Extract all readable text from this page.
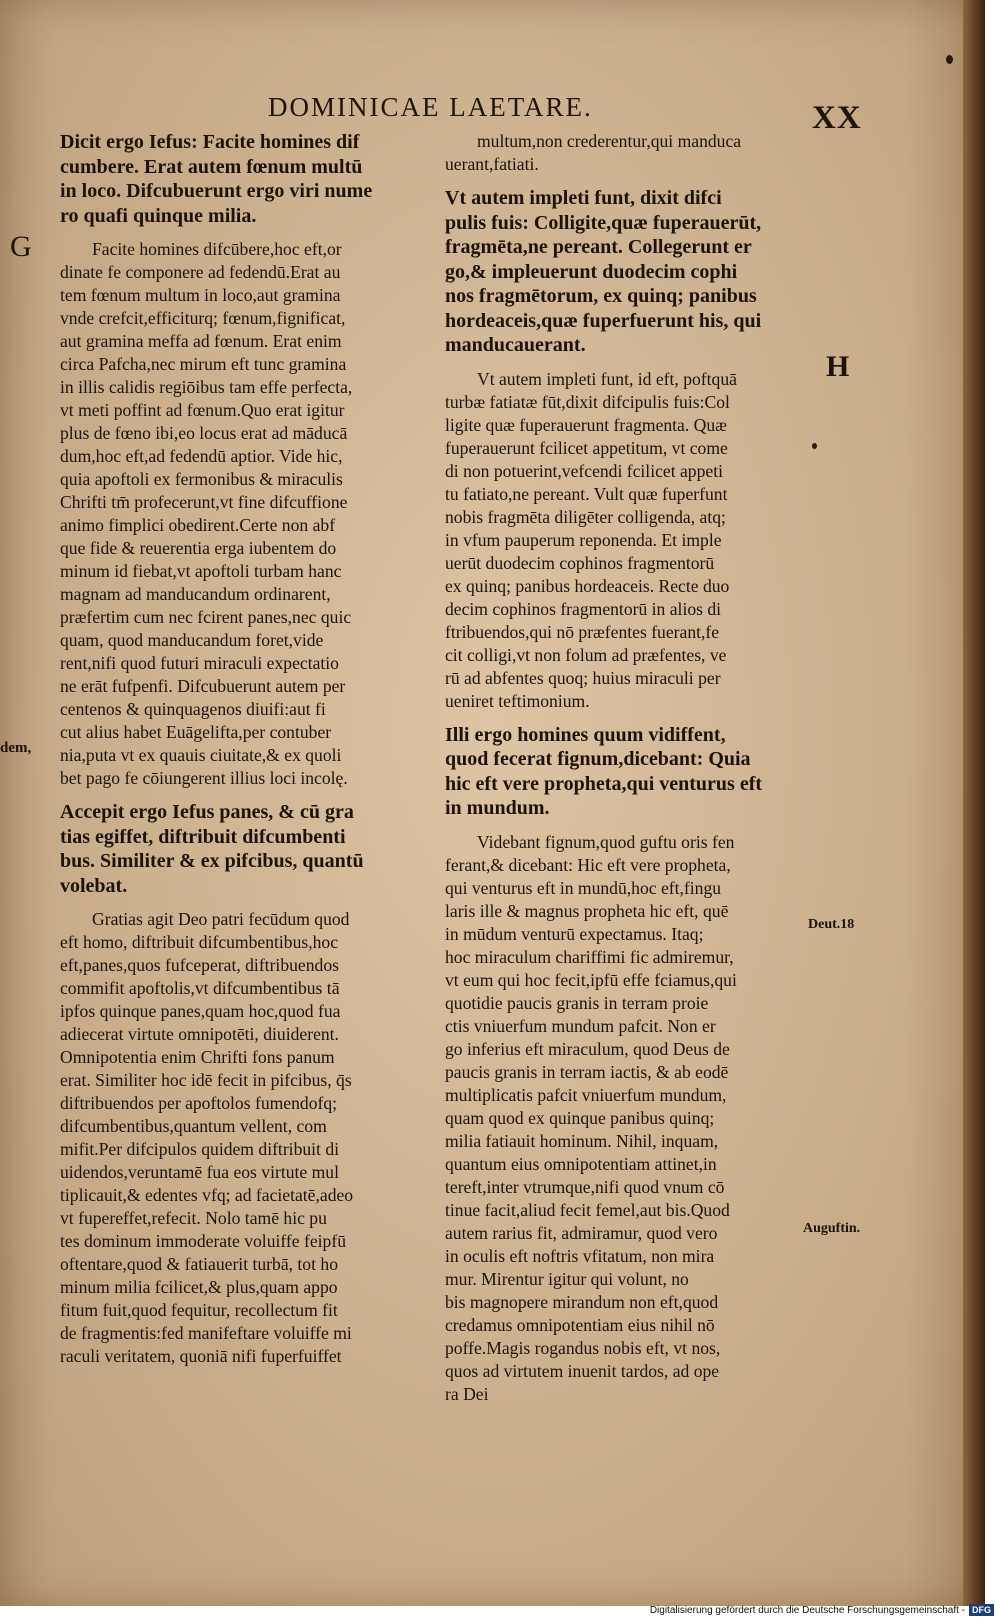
DOMINICAE LAETARE.	XX
Dicit ergo Iefus: Facite homines dif
cumbere. Erat autem fœnum multū
in loco. Difcubuerunt ergo viri nume
ro quafi quinque milia.
Facite homines difcūbere,hoc eft,or
dinate fe componere ad fedendū.Erat au
tem fœnum multum in loco,aut gramina
vnde crefcit,efficiturq; fœnum,fignificat,
aut gramina meffa ad fœnum. Erat enim
circa Pafcha,nec mirum eft tunc gramina
in illis calidis regiōibus tam effe perfecta,
vt meti poffint ad fœnum.Quo erat igitur
plus de fœno ibi,eo locus erat ad māducā
dum,hoc eft,ad fedendū aptior. Vide hic,
quia apoftoli ex fermonibus & miraculis
Chrifti tm̄ profecerunt,vt fine difcuffione
animo fimplici obedirent.Certe non abf
que fide & reuerentia erga iubentem do
minum id fiebat,vt apoftoli turbam hanc
magnam ad manducandum ordinarent,
præfertim cum nec fcirent panes,nec quic
quam, quod manducandum foret,vide
rent,nifi quod futuri miraculi expectatio
ne erāt fufpenfi. Difcubuerunt autem per
centenos & quinquagenos diuifi:aut fi
cut alius habet Euāgelifta,per contuber
nia,puta vt ex quauis ciuitate,& ex quoli
bet pago fe cōiungerent illius loci incolę.
Accepit ergo Iefus panes, & cū gra
tias egiffet, diftribuit difcumbenti
bus. Similiter & ex pifcibus, quantū
volebat.
Gratias agit Deo patri fecūdum quod
eft homo, diftribuit difcumbentibus,hoc
eft,panes,quos fufceperat, diftribuendos
commifit apoftolis,vt difcumbentibus tā
ipfos quinque panes,quam hoc,quod fua
adiecerat virtute omnipotēti, diuiderent.
Omnipotentia enim Chrifti fons panum
erat. Similiter hoc idē fecit in pifcibus, q̄s
diftribuendos per apoftolos fumendofq;
difcumbentibus,quantum vellent, com
mifit.Per difcipulos quidem diftribuit di
uidendos,veruntamē fua eos virtute mul
tiplicauit,& edentes vfq; ad facietatē,adeo
vt fupereffet,refecit. Nolo tamē hic pu
tes dominum immoderate voluiffe feipfū
oftentare,quod & fatiauerit turbā, tot ho
minum milia fcilicet,& plus,quam appo
fitum fuit,quod fequitur, recollectum fit
de fragmentis:fed manifeftare voluiffe mi
raculi veritatem, quoniā nifi fuperfuiffet
multum,non crederentur,qui manduca
uerant,fatiati.
Vt autem impleti funt, dixit difci
pulis fuis: Colligite,quæ fuperauerūt,
fragmēta,ne pereant. Collegerunt er
go,& impleuerunt duodecim cophi
nos fragmētorum, ex quinq; panibus
hordeaceis,quæ fuperfuerunt his, qui
manducauerant.
Vt autem impleti funt, id eft, poftquā
turbæ fatiatæ fūt,dixit difcipulis fuis:Col
ligite quæ fuperauerunt fragmenta. Quæ
fuperauerunt fcilicet appetitum, vt come
di non potuerint,vefcendi fcilicet appeti
tu fatiato,ne pereant. Vult quæ fuperfunt
nobis fragmēta diligēter colligenda, atq;
in vfum pauperum reponenda. Et imple
uerūt duodecim cophinos fragmentorū
ex quinq; panibus hordeaceis. Recte duo
decim cophinos fragmentorū in alios di
ftribuendos,qui nō præfentes fuerant,fe
cit colligi,vt non folum ad præfentes, ve
rū ad abfentes quoq; huius miraculi per
ueniret teftimonium.
Illi ergo homines quum vidiffent,
quod fecerat fignum,dicebant: Quia
hic eft vere propheta,qui venturus eft
in mundum.
Videbant fignum,quod guftu oris fen
ferant,& dicebant: Hic eft vere propheta,
qui venturus eft in mundū,hoc eft,fingu
laris ille & magnus propheta hic eft, quē
in mūdum venturū expectamus. Itaq;
hoc miraculum chariffimi fic admiremur,
vt eum qui hoc fecit,ipfū effe fciamus,qui
quotidie paucis granis in terram proie
ctis vniuerfum mundum pafcit. Non er
go inferius eft miraculum, quod Deus de
paucis granis in terram iactis, & ab eodē
multiplicatis pafcit vniuerfum mundum,
quam quod ex quinque panibus quinq;
milia fatiauit hominum. Nihil, inquam,
quantum eius omnipotentiam attinet,in
tereft,inter vtrumque,nifi quod vnum cō
tinue facit,aliud fecit femel,aut bis.Quod
autem rarius fit, admiramur, quod vero
in oculis eft noftris vfitatum, non mira
mur. Mirentur igitur qui volunt, no
bis magnopere mirandum non eft,quod
credamus omnipotentiam eius nihil nō
poffe.Magis rogandus nobis eft, vt nos,
quos ad virtutem inuenit tardos, ad ope
ra Dei
G
H
dem,
Deut.18
Auguftin.
Digitalisierung gefördert durch die Deutsche Forschungsgemeinschaft - DFG
